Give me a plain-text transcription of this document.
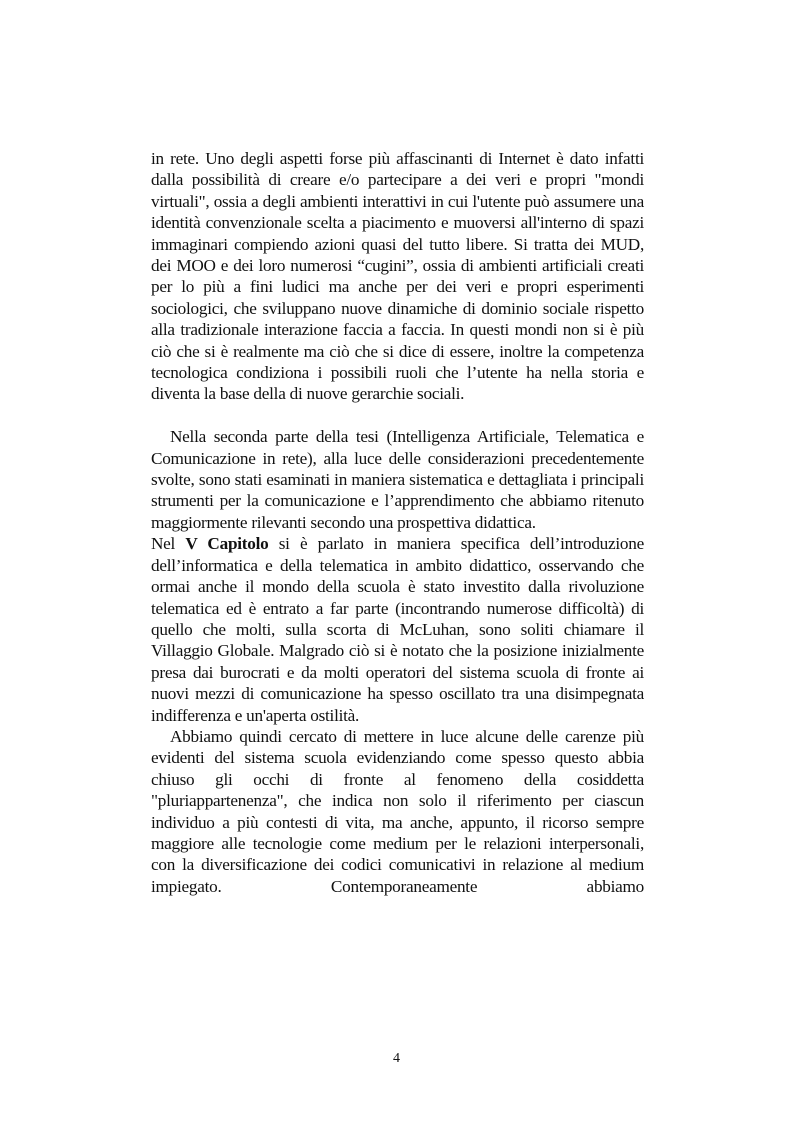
in rete. Uno degli aspetti forse più affascinanti di Internet è dato infatti dalla possibilità di creare e/o partecipare a dei veri e propri "mondi virtuali", ossia a degli ambienti interattivi in cui l'utente può assumere una identità convenzionale scelta a piacimento e muoversi all'interno di spazi immaginari compiendo azioni quasi del tutto libere. Si tratta dei MUD, dei MOO e dei loro numerosi “cugini”, ossia di ambienti artificiali creati per lo più a fini ludici ma anche per dei veri e propri esperimenti sociologici, che sviluppano nuove dinamiche di dominio sociale rispetto alla tradizionale interazione faccia a faccia. In questi mondi non si è più ciò che si è realmente ma ciò che si dice di essere, inoltre la competenza tecnologica condiziona i possibili ruoli che l’utente ha nella storia e diventa la base della di nuove gerarchie sociali.

Nella seconda parte della tesi (Intelligenza Artificiale, Telematica e Comunicazione in rete), alla luce delle considerazioni precedentemente svolte, sono stati esaminati in maniera sistematica e dettagliata i principali strumenti per la comunicazione e l’apprendimento che abbiamo ritenuto maggiormente rilevanti secondo una prospettiva didattica.

Nel V Capitolo si è parlato in maniera specifica dell’introduzione dell’informatica e della telematica in ambito didattico, osservando che ormai anche il mondo della scuola è stato investito dalla rivoluzione telematica ed è entrato a far parte (incontrando numerose difficoltà) di quello che molti, sulla scorta di McLuhan, sono soliti chiamare il Villaggio Globale. Malgrado ciò si è notato che la posizione inizialmente presa dai burocrati e da molti operatori del sistema scuola di fronte ai nuovi mezzi di comunicazione ha spesso oscillato tra una disimpegnata indifferenza e un'aperta ostilità.

Abbiamo quindi cercato di mettere in luce alcune delle carenze più evidenti del sistema scuola evidenziando come spesso questo abbia chiuso gli occhi di fronte al fenomeno della cosiddetta "pluriappartenenza", che indica non solo il riferimento per ciascun individuo a più contesti di vita, ma anche, appunto, il ricorso sempre maggiore alle tecnologie come medium per le relazioni interpersonali, con la diversificazione dei codici comunicativi in relazione al medium impiegato. Contemporaneamente abbiamo

4
